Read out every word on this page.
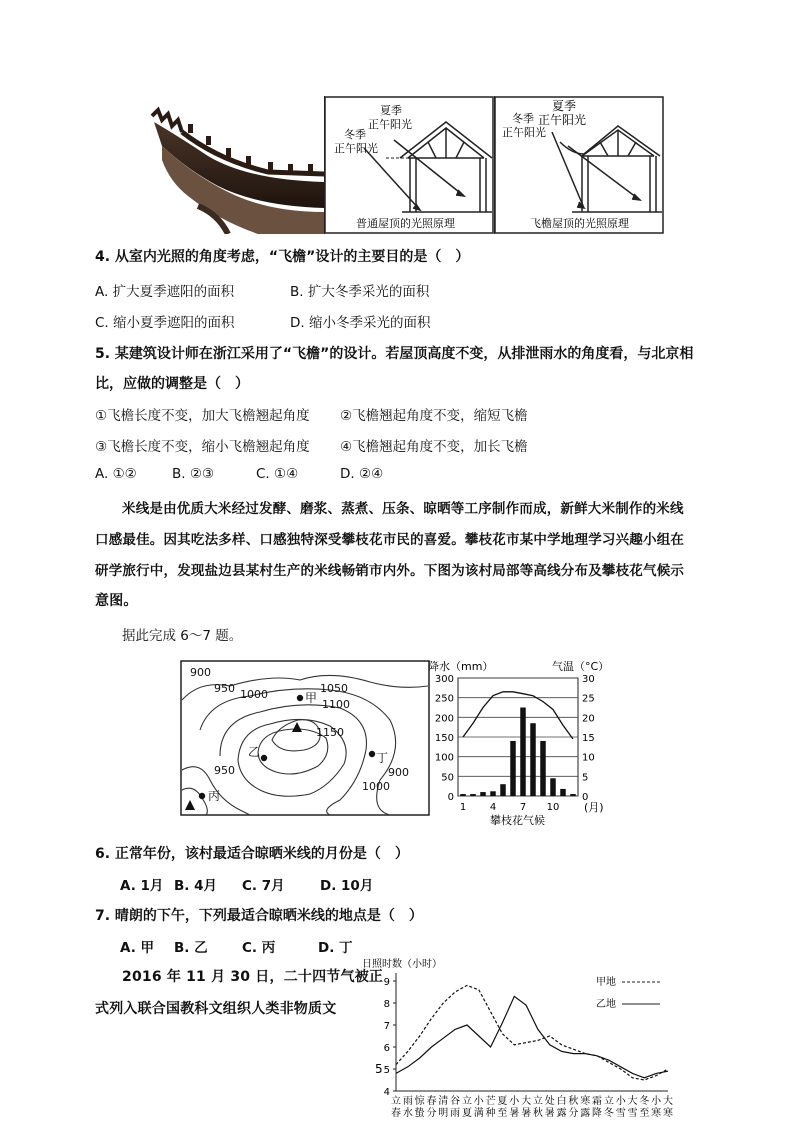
夏季正午阳光
冬季正午阳光
普通屋顶的光照原理
夏季正午阳光
冬季正午阳光
飞檐屋顶的光照原理
4. 从室内光照的角度考虑，“飞檐”设计的主要目的是（　）
A. 扩大夏季遮阳的面积	B. 扩大冬季采光的面积
C. 缩小夏季遮阳的面积	D. 缩小冬季采光的面积
5. 某建筑设计师在浙江采用了“飞檐”的设计。若屋顶高度不变，从排泄雨水的角度看，与北京相
比，应做的调整是（　）
①飞檐长度不变，加大飞檐翘起角度 ②飞檐翘起角度不变，缩短飞檐
③飞檐长度不变，缩小飞檐翘起角度 ④飞檐翘起角度不变，加长飞檐
A. ①②	B. ②③	C. ①④	D. ②④
米线是由优质大米经过发酵、磨浆、蒸煮、压条、晾晒等工序制作而成，新鲜大米制作的米线
口感最佳。因其吃法多样、口感独特深受攀枝花市民的喜爱。攀枝花市某中学地理学习兴趣小组在
研学旅行中，发现盐边县某村生产的米线畅销市内外。下图为该村局部等高线分布及攀枝花气候示
意图。
据此完成 6～7 题。
900
950 1000	1050
1100
1150
950	900
1000
甲
乙
丙
丁
降水（mm）	气温（°C）
(月)
攀枝花气候
0	0
50	5
100	10
150	15
200	20
250	25
300	30
1 4 7 10
6. 正常年份，该村最适合晾晒米线的月份是（　）
A. 1月 B. 4月 C. 7月	D. 10月
7. 晴朗的下午，下列最适合晾晒米线的地点是（　）
A. 甲 B. 乙	C. 丙	D. 丁
2016 年 11 月 30 日，二十四节气被正
式列入联合国教科文组织人类非物质文
日照时数（小时）
5
4
5
6
7
8
9
立春
雨水
惊蛰
春分
清明
谷雨
立夏
小满
芒种
夏至
小暑
大暑
立秋
处暑
白露
秋分
寒露
霜降
立冬
小雪
大雪
冬至
小寒
大寒
甲地
乙地
